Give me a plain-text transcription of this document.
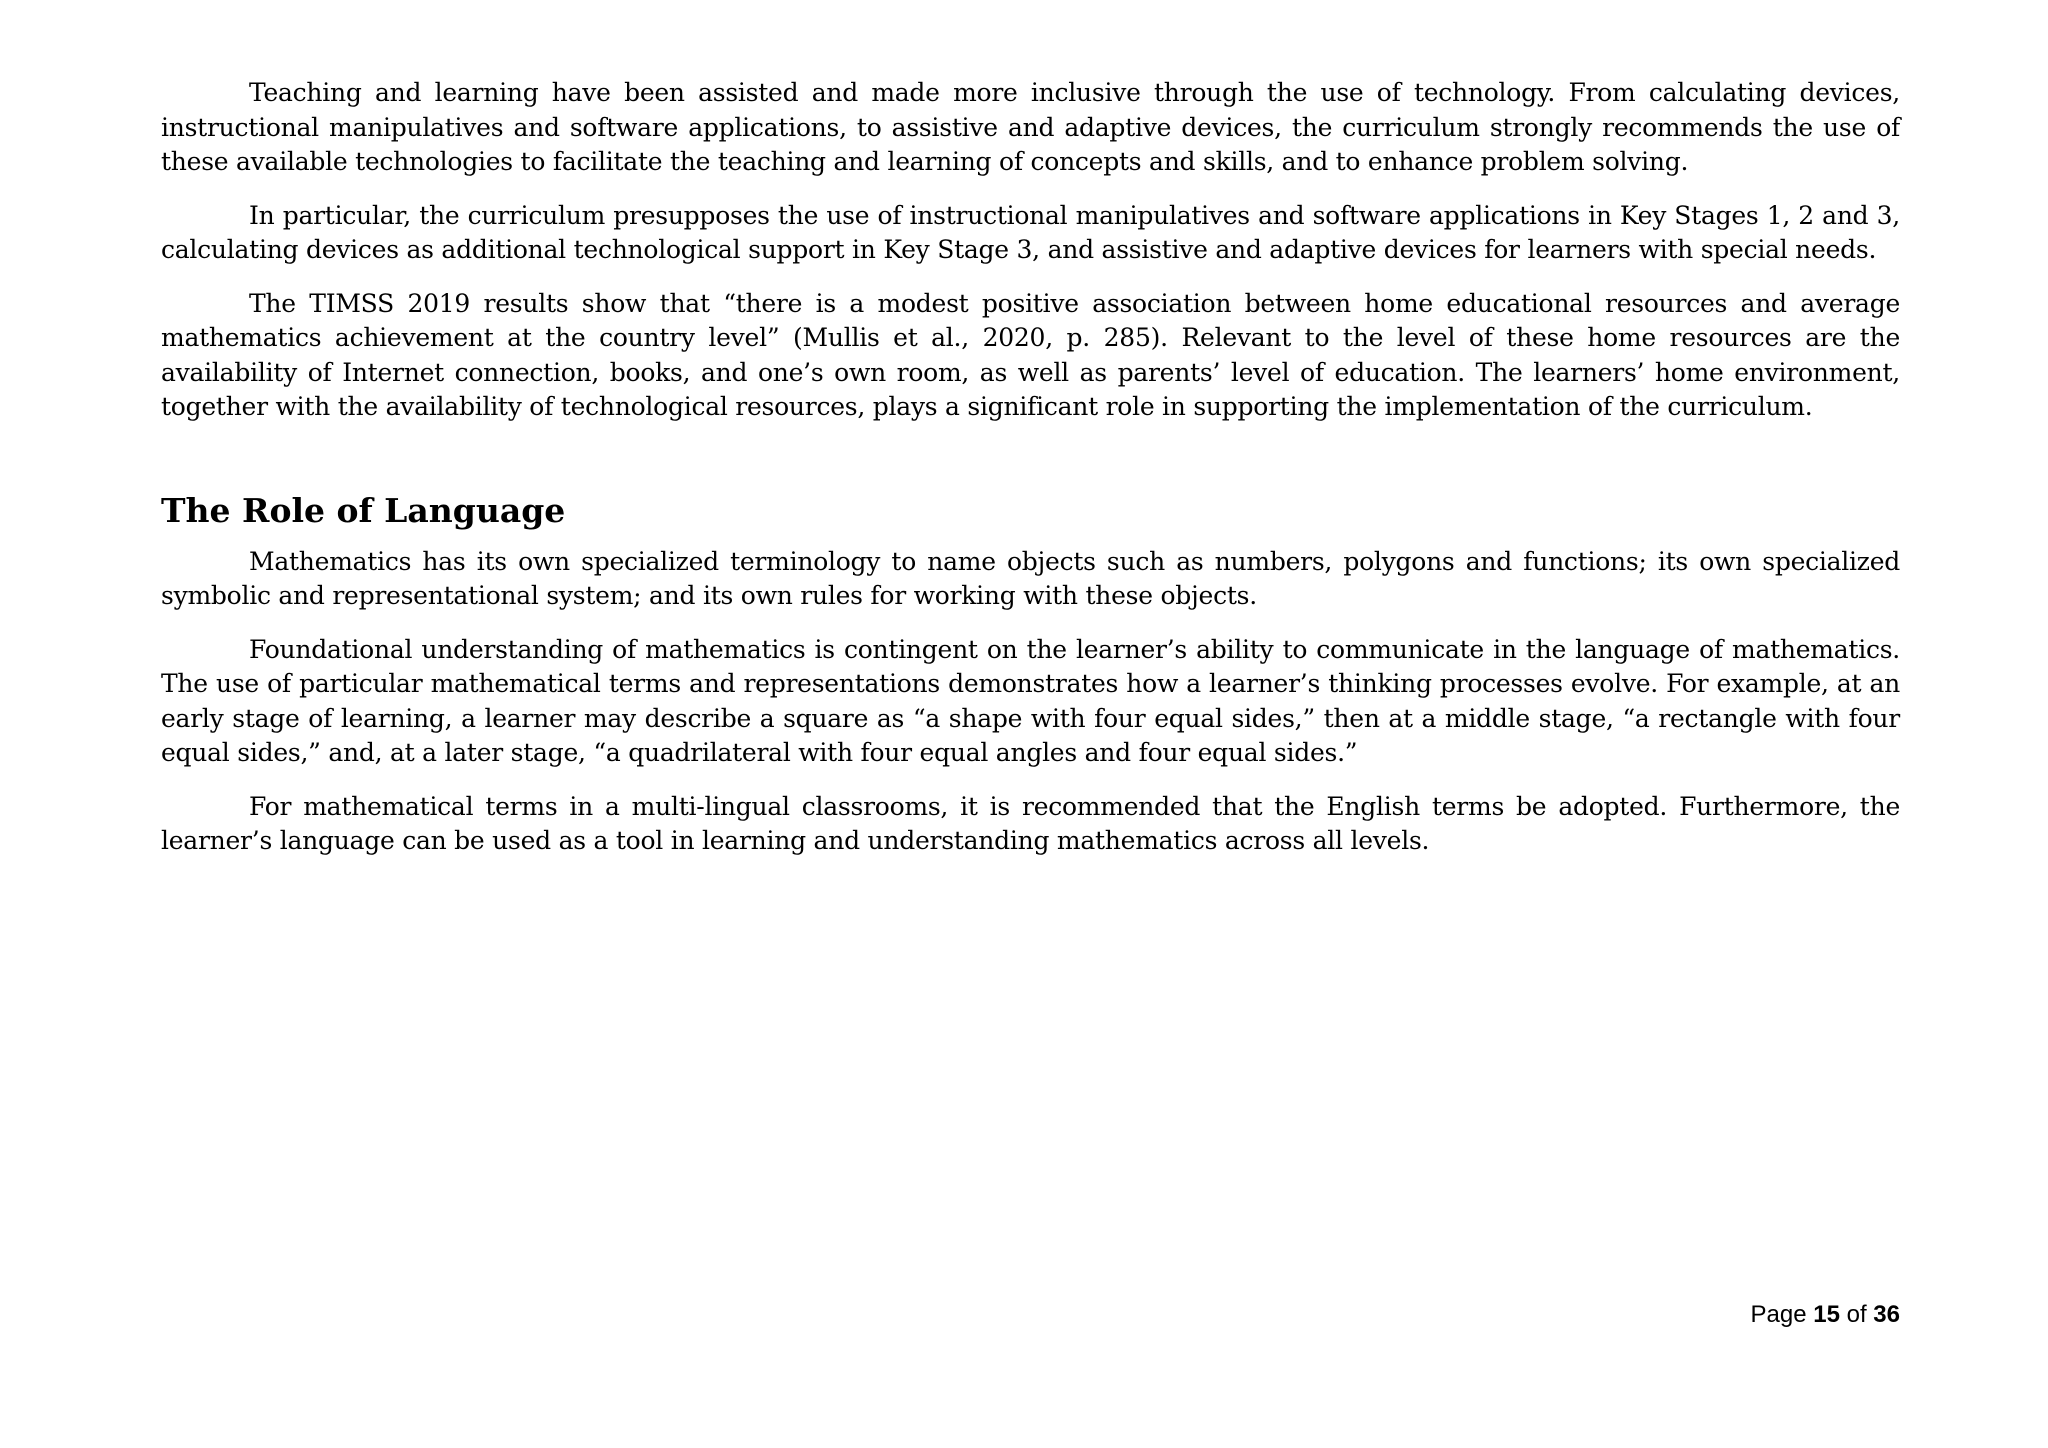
Teaching and learning have been assisted and made more inclusive through the use of technology. From calculating devices, instructional manipulatives and software applications, to assistive and adaptive devices, the curriculum strongly recommends the use of these available technologies to facilitate the teaching and learning of concepts and skills, and to enhance problem solving.

In particular, the curriculum presupposes the use of instructional manipulatives and software applications in Key Stages 1, 2 and 3, calculating devices as additional technological support in Key Stage 3, and assistive and adaptive devices for learners with special needs.

The TIMSS 2019 results show that “there is a modest positive association between home educational resources and average mathematics achievement at the country level” (Mullis et al., 2020, p. 285). Relevant to the level of these home resources are the availability of Internet connection, books, and one’s own room, as well as parents’ level of education. The learners’ home environment, together with the availability of technological resources, plays a significant role in supporting the implementation of the curriculum.

The Role of Language

Mathematics has its own specialized terminology to name objects such as numbers, polygons and functions; its own specialized symbolic and representational system; and its own rules for working with these objects.

Foundational understanding of mathematics is contingent on the learner’s ability to communicate in the language of mathematics. The use of particular mathematical terms and representations demonstrates how a learner’s thinking processes evolve. For example, at an early stage of learning, a learner may describe a square as “a shape with four equal sides,” then at a middle stage, “a rectangle with four equal sides,” and, at a later stage, “a quadrilateral with four equal angles and four equal sides.”

For mathematical terms in a multi-lingual classrooms, it is recommended that the English terms be adopted. Furthermore, the learner’s language can be used as a tool in learning and understanding mathematics across all levels.

Page 15 of 36
